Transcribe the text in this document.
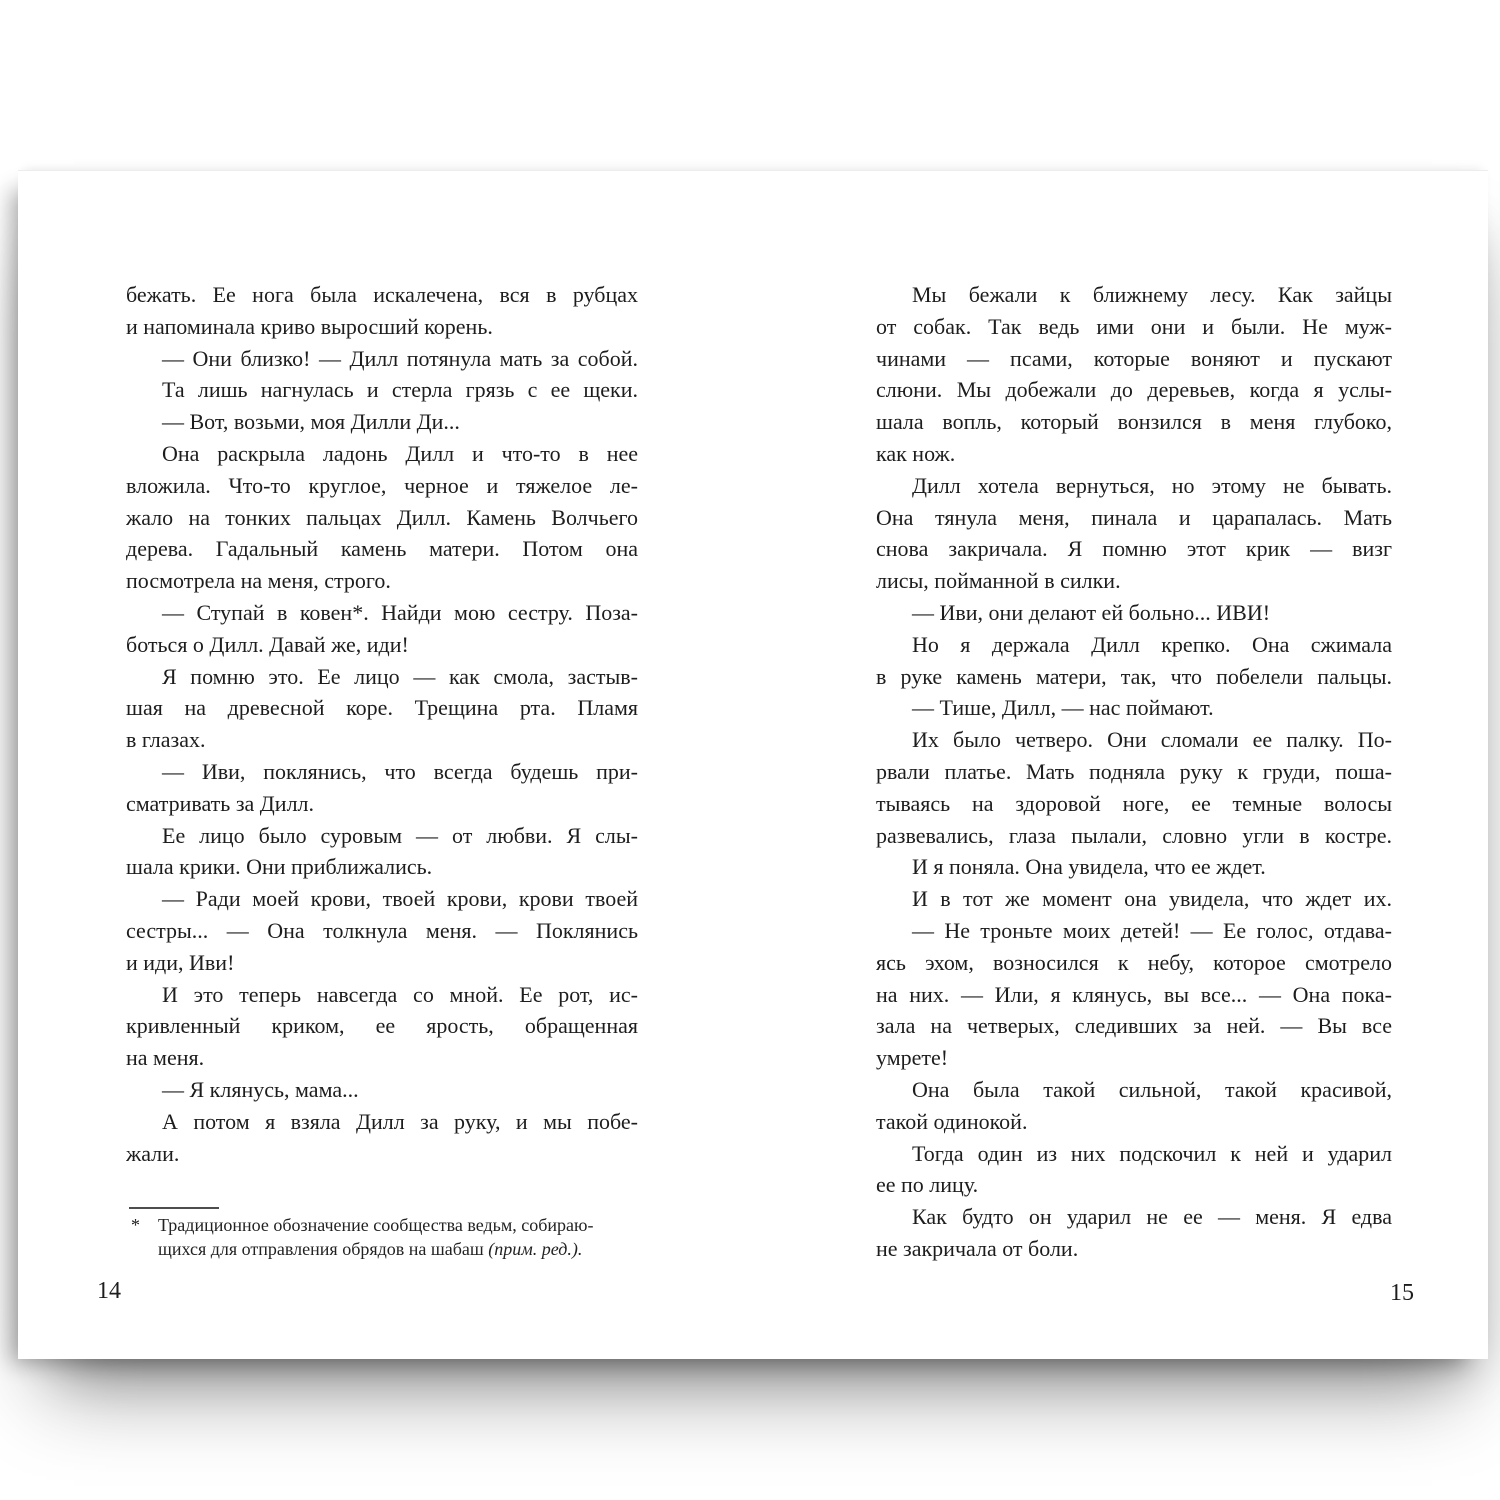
бежать. Ее нога была искалечена, вся в рубцах
и напоминала криво выросший корень.
— Они близко! — Дилл потянула мать за собой.
Та лишь нагнулась и стерла грязь с ее щеки.
— Вот, возьми, моя Дилли Ди...
Она раскрыла ладонь Дилл и что-то в нее
вложила. Что-то круглое, черное и тяжелое ле-
жало на тонких пальцах Дилл. Камень Волчьего
дерева. Гадальный камень матери. Потом она
посмотрела на меня, строго.
— Ступай в ковен*. Найди мою сестру. Поза-
боться о Дилл. Давай же, иди!
Я помню это. Ее лицо — как смола, застыв-
шая на древесной коре. Трещина рта. Пламя
в глазах.
— Иви, поклянись, что всегда будешь при-
сматривать за Дилл.
Ее лицо было суровым — от любви. Я слы-
шала крики. Они приближались.
— Ради моей крови, твоей крови, крови твоей
сестры... — Она толкнула меня. — Поклянись
и иди, Иви!
И это теперь навсегда со мной. Ее рот, ис-
кривленный криком, ее ярость, обращенная
на меня.
— Я клянусь, мама...
А потом я взяла Дилл за руку, и мы побе-
жали.
Мы бежали к ближнему лесу. Как зайцы
от собак. Так ведь ими они и были. Не муж-
чинами — псами, которые воняют и пускают
слюни. Мы добежали до деревьев, когда я услы-
шала вопль, который вонзился в меня глубоко,
как нож.
Дилл хотела вернуться, но этому не бывать.
Она тянула меня, пинала и царапалась. Мать
снова закричала. Я помню этот крик — визг
лисы, пойманной в силки.
— Иви, они делают ей больно... ИВИ!
Но я держала Дилл крепко. Она сжимала
в руке камень матери, так, что побелели пальцы.
— Тише, Дилл, — нас поймают.
Их было четверо. Они сломали ее палку. По-
рвали платье. Мать подняла руку к груди, поша-
тываясь на здоровой ноге, ее темные волосы
развевались, глаза пылали, словно угли в костре.
И я поняла. Она увидела, что ее ждет.
И в тот же момент она увидела, что ждет их.
— Не троньте моих детей! — Ее голос, отдава-
ясь эхом, возносился к небу, которое смотрело
на них. — Или, я клянусь, вы все... — Она пока-
зала на четверых, следивших за ней. — Вы все
умрете!
Она была такой сильной, такой красивой,
такой одинокой.
Тогда один из них подскочил к ней и ударил
ее по лицу.
Как будто он ударил не ее — меня. Я едва
не закричала от боли.
* Традиционное обозначение сообщества ведьм, собираю-
щихся для отправления обрядов на шабаш (прим. ред.).
14	15
